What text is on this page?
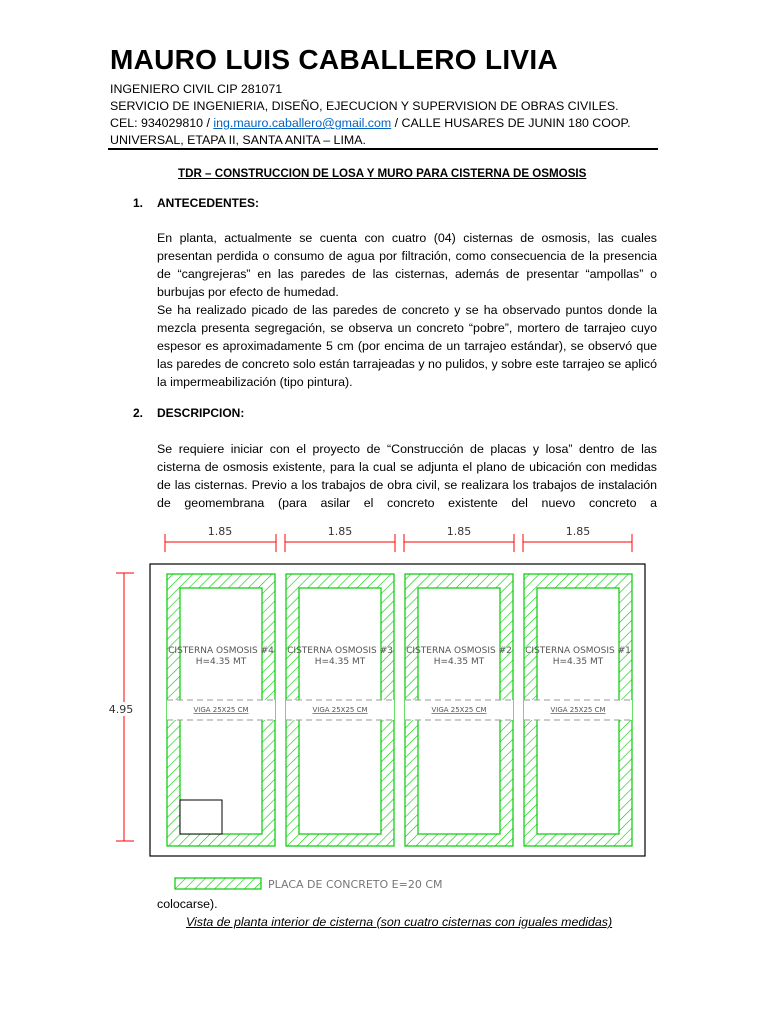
MAURO LUIS CABALLERO LIVIA
INGENIERO CIVIL CIP 281071
SERVICIO DE INGENIERIA, DISEÑO, EJECUCION Y SUPERVISION DE OBRAS CIVILES.
CEL: 934029810 / ing.mauro.caballero@gmail.com / CALLE HUSARES DE JUNIN 180 COOP.
UNIVERSAL, ETAPA II, SANTA ANITA – LIMA.
TDR – CONSTRUCCION DE LOSA Y MURO PARA CISTERNA DE OSMOSIS
1. ANTECEDENTES:

En planta, actualmente se cuenta con cuatro (04) cisternas de osmosis, las cuales presentan perdida o consumo de agua por filtración, como consecuencia de la presencia de “cangrejeras” en las paredes de las cisternas, además de presentar “ampollas” o burbujas por efecto de humedad.

Se ha realizado picado de las paredes de concreto y se ha observado puntos donde la mezcla presenta segregación, se observa un concreto “pobre”, mortero de tarrajeo cuyo espesor es aproximadamente 5 cm (por encima de un tarrajeo estándar), se observó que las paredes de concreto solo están tarrajeadas y no pulidos, y sobre este tarrajeo se aplicó la impermeabilización (tipo pintura).

2. DESCRIPCION:

Se requiere iniciar con el proyecto de “Construcción de placas y losa” dentro de las cisterna de osmosis existente, para la cual se adjunta el plano de ubicación con medidas de las cisternas. Previo a los trabajos de obra civil, se realizara los trabajos de instalación de geomembrana (para asilar el concreto existente del nuevo concreto a

1.85	1.85	1.85	1.85
4.95
CISTERNA OSMOSIS #4
H=4.35 MT
VIGA 25X25 CM
CISTERNA OSMOSIS #3
H=4.35 MT
VIGA 25X25 CM
CISTERNA OSMOSIS #2
H=4.35 MT
VIGA 25X25 CM
CISTERNA OSMOSIS #1
H=4.35 MT
VIGA 25X25 CM
PLACA DE CONCRETO E=20 CM
colocarse).
Vista de planta interior de cisterna (son cuatro cisternas con iguales medidas)
